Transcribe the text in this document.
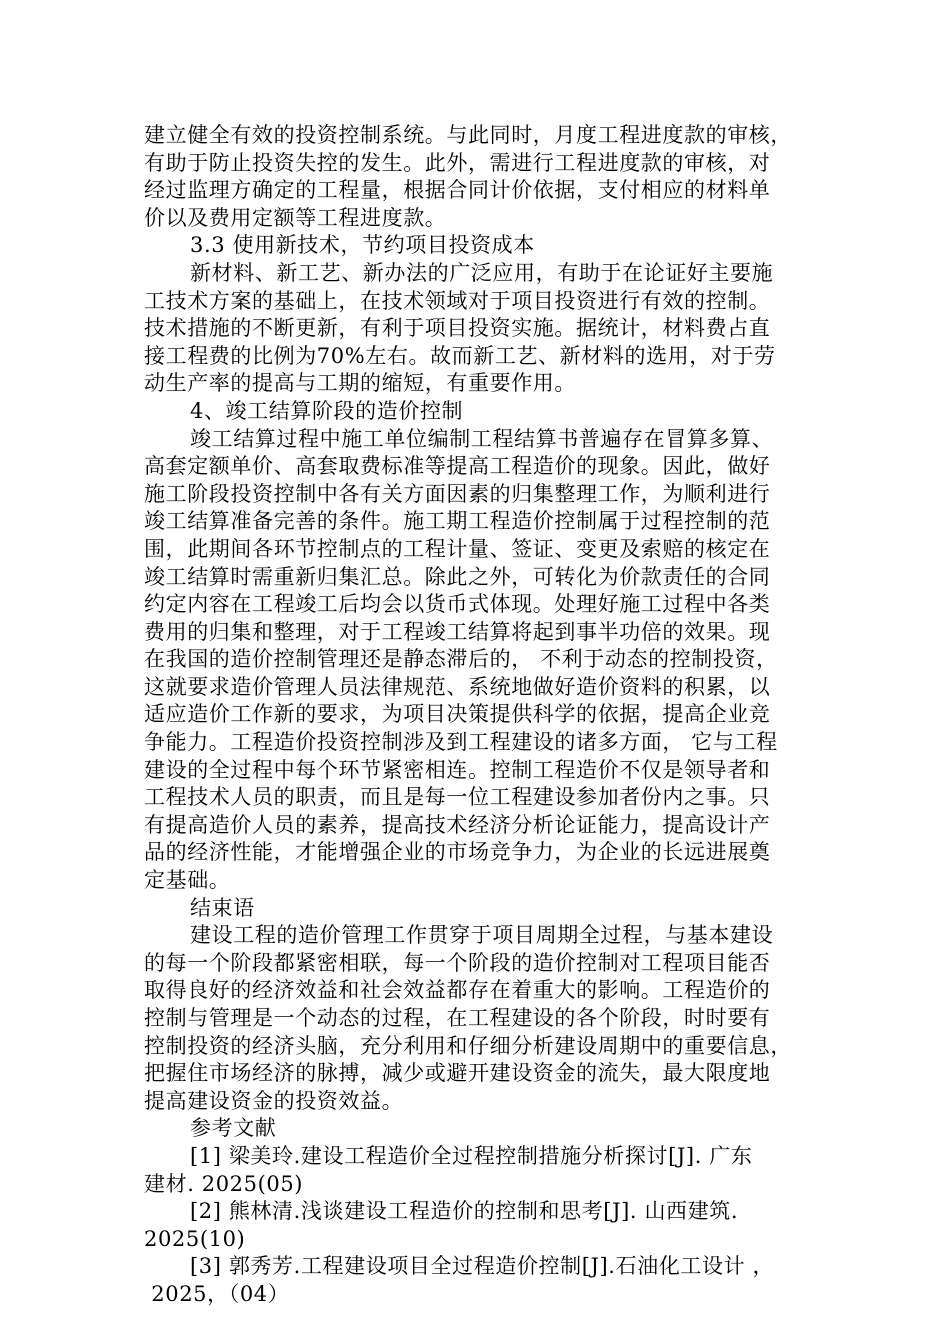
建立健全有效的投资控制系统。与此同时，月度工程进度款的审核，
有助于防止投资失控的发生。此外，需进行工程进度款的审核，对
经过监理方确定的工程量，根据合同计价依据，支付相应的材料单
价以及费用定额等工程进度款。
3.3 使用新技术，节约项目投资成本
新材料、新工艺、新办法的广泛应用，有助于在论证好主要施
工技术方案的基础上，在技术领域对于项目投资进行有效的控制。
技术措施的不断更新，有利于项目投资实施。据统计，材料费占直
接工程费的比例为70%左右。故而新工艺、新材料的选用，对于劳
动生产率的提高与工期的缩短，有重要作用。
4、竣工结算阶段的造价控制
竣工结算过程中施工单位编制工程结算书普遍存在冒算多算、
高套定额单价、高套取费标准等提高工程造价的现象。因此，做好
施工阶段投资控制中各有关方面因素的归集整理工作，为顺利进行
竣工结算准备完善的条件。施工期工程造价控制属于过程控制的范
围，此期间各环节控制点的工程计量、签证、变更及索赔的核定在
竣工结算时需重新归集汇总。除此之外，可转化为价款责任的合同
约定内容在工程竣工后均会以货币式体现。处理好施工过程中各类
费用的归集和整理，对于工程竣工结算将起到事半功倍的效果。现
在我国的造价控制管理还是静态滞后的， 不利于动态的控制投资，
这就要求造价管理人员法律规范、系统地做好造价资料的积累，以
适应造价工作新的要求，为项目决策提供科学的依据，提高企业竞
争能力。工程造价投资控制涉及到工程建设的诸多方面， 它与工程
建设的全过程中每个环节紧密相连。控制工程造价不仅是领导者和
工程技术人员的职责，而且是每一位工程建设参加者份内之事。只
有提高造价人员的素养，提高技术经济分析论证能力，提高设计产
品的经济性能，才能增强企业的市场竞争力，为企业的长远进展奠
定基础。
结束语
建设工程的造价管理工作贯穿于项目周期全过程，与基本建设
的每一个阶段都紧密相联，每一个阶段的造价控制对工程项目能否
取得良好的经济效益和社会效益都存在着重大的影响。工程造价的
控制与管理是一个动态的过程，在工程建设的各个阶段，时时要有
控制投资的经济头脑，充分利用和仔细分析建设周期中的重要信息，
把握住市场经济的脉搏，减少或避开建设资金的流失，最大限度地
提高建设资金的投资效益。
参考文献
[1] 梁美玲.建设工程造价全过程控制措施分析探讨[J]. 广东
建材. 2025(05)
[2] 熊林清.浅谈建设工程造价的控制和思考[J]. 山西建筑.
2025(10)
[3] 郭秀芳.工程建设项目全过程造价控制[J].石油化工设计 ，
2025，（04）
